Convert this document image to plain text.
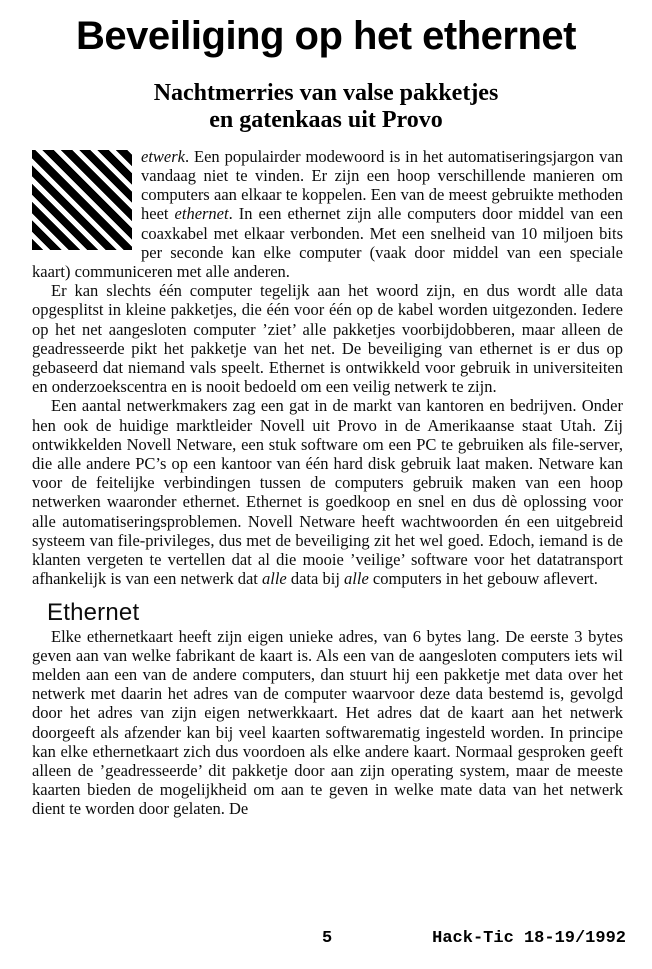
Beveiliging op het ethernet
Nachtmerries van valse pakketjes
en gatenkaas uit Provo

etwerk. Een populairder modewoord is in het automatiseringsjargon van vandaag niet te vinden. Er zijn een hoop verschillende manieren om computers aan elkaar te koppelen. Een van de meest gebruikte methoden heet ethernet. In een ethernet zijn alle computers door middel van een coaxkabel met elkaar verbonden. Met een snelheid van 10 miljoen bits per seconde kan elke computer (vaak door middel van een speciale kaart) communiceren met alle anderen.

Er kan slechts één computer tegelijk aan het woord zijn, en dus wordt alle data opgesplitst in kleine pakketjes, die één voor één op de kabel worden uitgezonden. Iedere op het net aangesloten computer ’ziet’ alle pakketjes voorbijdobberen, maar alleen de geadresseerde pikt het pakketje van het net. De beveiliging van ethernet is er dus op gebaseerd dat niemand vals speelt. Ethernet is ontwikkeld voor gebruik in universiteiten en onderzoekscentra en is nooit bedoeld om een veilig netwerk te zijn.

Een aantal netwerkmakers zag een gat in de markt van kantoren en bedrijven. Onder hen ook de huidige marktleider Novell uit Provo in de Amerikaanse staat Utah. Zij ontwikkelden Novell Netware, een stuk software om een PC te gebruiken als file-server, die alle andere PC’s op een kantoor van één hard disk gebruik laat maken. Netware kan voor de feitelijke verbindingen tussen de computers gebruik maken van een hoop netwerken waaronder ethernet. Ethernet is goedkoop en snel en dus dè oplossing voor alle automatiseringsproblemen. Novell Netware heeft wachtwoorden én een uitgebreid systeem van file-privileges, dus met de beveiliging zit het wel goed. Edoch, iemand is de klanten vergeten te vertellen dat al die mooie ’veilige’ software voor het datatransport afhankelijk is van een netwerk dat alle data bij alle computers in het gebouw aflevert.

Ethernet

Elke ethernetkaart heeft zijn eigen unieke adres, van 6 bytes lang. De eerste 3 bytes geven aan van welke fabrikant de kaart is. Als een van de aangesloten computers iets wil melden aan een van de andere computers, dan stuurt hij een pakketje met data over het netwerk met daarin het adres van de computer waarvoor deze data bestemd is, gevolgd door het adres van zijn eigen netwerkkaart. Het adres dat de kaart aan het netwerk doorgeeft als afzender kan bij veel kaarten softwarematig ingesteld worden. In principe kan elke ethernetkaart zich dus voordoen als elke andere kaart. Normaal gesproken geeft alleen de ’geadresseerde’ dit pakketje door aan zijn operating system, maar de meeste kaarten bieden de mogelijkheid om aan te geven in welke mate data van het netwerk dient te worden door gelaten. De

5	Hack-Tic 18-19/1992
